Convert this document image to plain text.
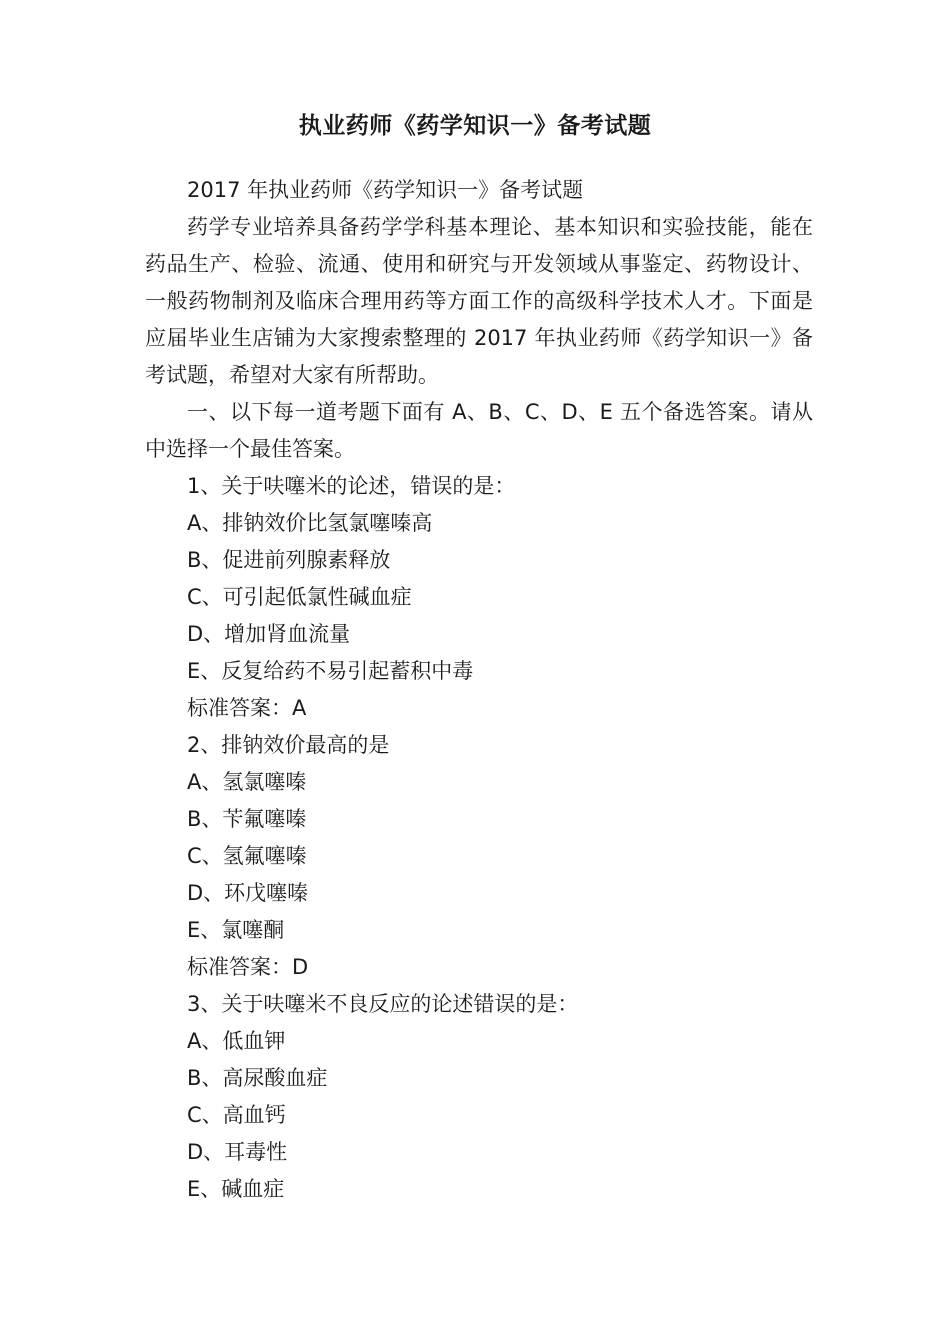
执业药师《药学知识一》备考试题

2017 年执业药师《药学知识一》备考试题

药学专业培养具备药学学科基本理论、基本知识和实验技能，能在药品生产、检验、流通、使用和研究与开发领域从事鉴定、药物设计、一般药物制剂及临床合理用药等方面工作的高级科学技术人才。下面是应届毕业生店铺为大家搜索整理的 2017 年执业药师《药学知识一》备考试题，希望对大家有所帮助。

一、以下每一道考题下面有 A、B、C、D、E 五个备选答案。请从中选择一个最佳答案。

1、关于呋噻米的论述，错误的是：

A、排钠效价比氢氯噻嗪高

B、促进前列腺素释放

C、可引起低氯性碱血症

D、增加肾血流量

E、反复给药不易引起蓄积中毒

标准答案：A

2、排钠效价最高的是

A、氢氯噻嗪

B、苄氟噻嗪

C、氢氟噻嗪

D、环戊噻嗪

E、氯噻酮

标准答案：D

3、关于呋噻米不良反应的论述错误的是：

A、低血钾

B、高尿酸血症

C、高血钙

D、耳毒性

E、碱血症
